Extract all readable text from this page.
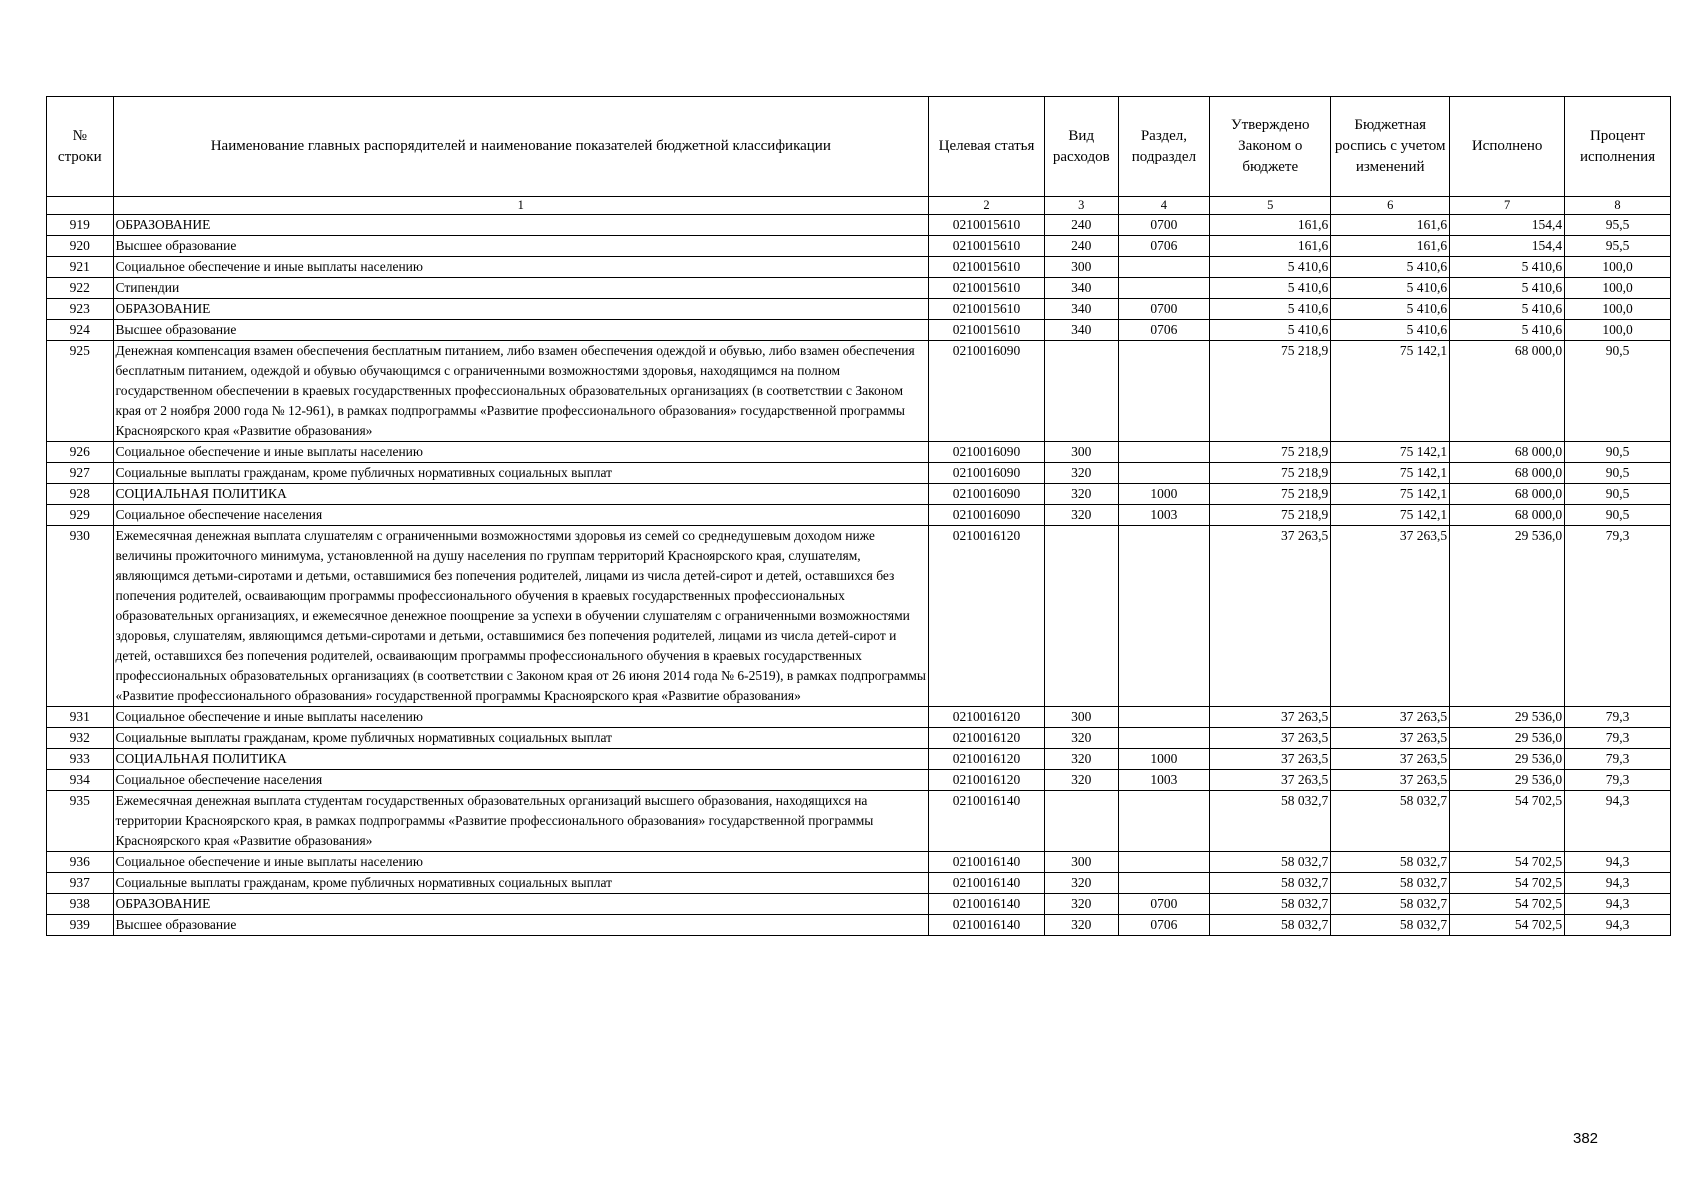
№ строки	Наименование главных распорядителей и наименование показателей бюджетной классификации	Целевая статья	Вид расходов	Раздел, подраздел	Утверждено Законом о бюджете	Бюджетная роспись с учетом изменений	Исполнено	Процент исполнения
	1	2	3	4	5	6	7	8
919	ОБРАЗОВАНИЕ	0210015610	240	0700	161,6	161,6	154,4	95,5
920	Высшее образование	0210015610	240	0706	161,6	161,6	154,4	95,5
921	Социальное обеспечение и иные выплаты населению	0210015610	300		5 410,6	5 410,6	5 410,6	100,0
922	Стипендии	0210015610	340		5 410,6	5 410,6	5 410,6	100,0
923	ОБРАЗОВАНИЕ	0210015610	340	0700	5 410,6	5 410,6	5 410,6	100,0
924	Высшее образование	0210015610	340	0706	5 410,6	5 410,6	5 410,6	100,0
925	Денежная компенсация взамен обеспечения бесплатным питанием, либо взамен обеспечения одеждой и обувью, либо взамен обеспечения бесплатным питанием, одеждой и обувью обучающимся с ограниченными возможностями здоровья, находящимся на полном государственном обеспечении в краевых государственных профессиональных образовательных организациях (в соответствии с Законом края от 2 ноября 2000 года № 12-961), в рамках подпрограммы «Развитие профессионального образования» государственной программы Красноярского края «Развитие образования»	0210016090			75 218,9	75 142,1	68 000,0	90,5
926	Социальное обеспечение и иные выплаты населению	0210016090	300		75 218,9	75 142,1	68 000,0	90,5
927	Социальные выплаты гражданам, кроме публичных нормативных социальных выплат	0210016090	320		75 218,9	75 142,1	68 000,0	90,5
928	СОЦИАЛЬНАЯ ПОЛИТИКА	0210016090	320	1000	75 218,9	75 142,1	68 000,0	90,5
929	Социальное обеспечение населения	0210016090	320	1003	75 218,9	75 142,1	68 000,0	90,5
930	Ежемесячная денежная выплата слушателям с ограниченными возможностями здоровья из семей со среднедушевым доходом ниже величины прожиточного минимума, установленной на душу населения по группам территорий Красноярского края, слушателям, являющимся детьми-сиротами и детьми, оставшимися без попечения родителей, лицами из числа детей-сирот и детей, оставшихся без попечения родителей, осваивающим программы профессионального обучения в краевых государственных профессиональных образовательных организациях, и ежемесячное денежное поощрение за успехи в обучении слушателям с ограниченными возможностями здоровья, слушателям, являющимся детьми-сиротами и детьми, оставшимися без попечения родителей, лицами из числа детей-сирот и детей, оставшихся без попечения родителей, осваивающим программы профессионального обучения в краевых государственных профессиональных образовательных организациях (в соответствии с Законом края от 26 июня 2014 года № 6-2519), в рамках подпрограммы «Развитие профессионального образования» государственной программы Красноярского края «Развитие образования»	0210016120			37 263,5	37 263,5	29 536,0	79,3
931	Социальное обеспечение и иные выплаты населению	0210016120	300		37 263,5	37 263,5	29 536,0	79,3
932	Социальные выплаты гражданам, кроме публичных нормативных социальных выплат	0210016120	320		37 263,5	37 263,5	29 536,0	79,3
933	СОЦИАЛЬНАЯ ПОЛИТИКА	0210016120	320	1000	37 263,5	37 263,5	29 536,0	79,3
934	Социальное обеспечение населения	0210016120	320	1003	37 263,5	37 263,5	29 536,0	79,3
935	Ежемесячная денежная выплата студентам государственных образовательных организаций высшего образования, находящихся на территории Красноярского края, в рамках подпрограммы «Развитие профессионального образования» государственной программы Красноярского края «Развитие образования»	0210016140			58 032,7	58 032,7	54 702,5	94,3
936	Социальное обеспечение и иные выплаты населению	0210016140	300		58 032,7	58 032,7	54 702,5	94,3
937	Социальные выплаты гражданам, кроме публичных нормативных социальных выплат	0210016140	320		58 032,7	58 032,7	54 702,5	94,3
938	ОБРАЗОВАНИЕ	0210016140	320	0700	58 032,7	58 032,7	54 702,5	94,3
939	Высшее образование	0210016140	320	0706	58 032,7	58 032,7	54 702,5	94,3
382
